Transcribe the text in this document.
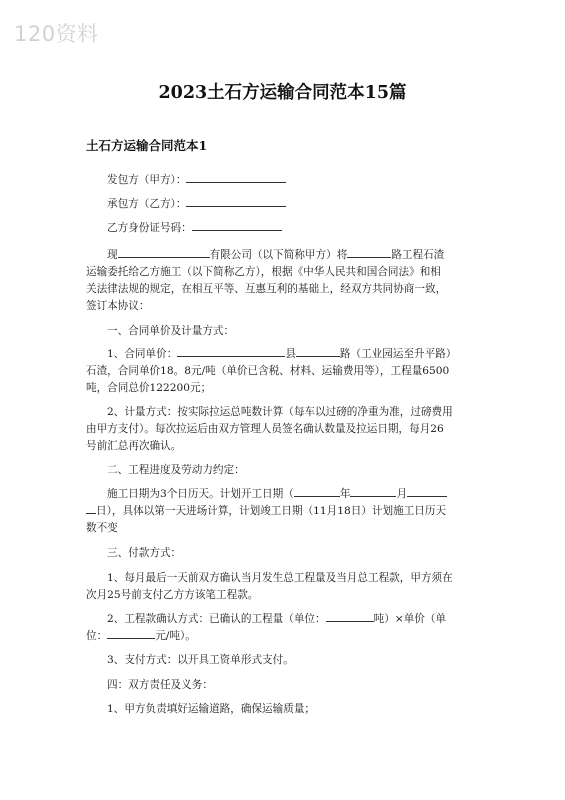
120资料
2023土石方运输合同范本15篇
土石方运输合同范本1
发包方（甲方）：
承包方（乙方）：
乙方身份证号码：
现	有限公司（以下简称甲方）将	路工程石渣
运输委托给乙方施工（以下简称乙方），根据《中华人民共和国合同法》和相
关法律法规的规定，在相互平等、互惠互利的基础上，经双方共同协商一致，
签订本协议：
一、合同单价及计量方式：
1、合同单价：	县	路（工业园运至升平路）
石渣，合同单价18。8元/吨（单价已含税、材料、运输费用等），工程量6500
吨，合同总价122200元；
2、计量方式：按实际拉运总吨数计算（每车以过磅的净重为准，过磅费用
由甲方支付）。每次拉运后由双方管理人员签名确认数量及拉运日期，每月26
号前汇总再次确认。
二、工程进度及劳动力约定：
施工日期为3个日历天。计划开工日期（	年	月
日），具体以第一天进场计算，计划竣工日期（11月18日）计划施工日历天
数不变
三、付款方式：
1、每月最后一天前双方确认当月发生总工程量及当月总工程款，甲方须在
次月25号前支付乙方方该笔工程款。
2、工程款确认方式：已确认的工程量（单位：	吨）×单价（单
位：	元/吨）。
3、支付方式：以开具工资单形式支付。
四：双方责任及义务：
1、甲方负责填好运输道路，确保运输质量；
